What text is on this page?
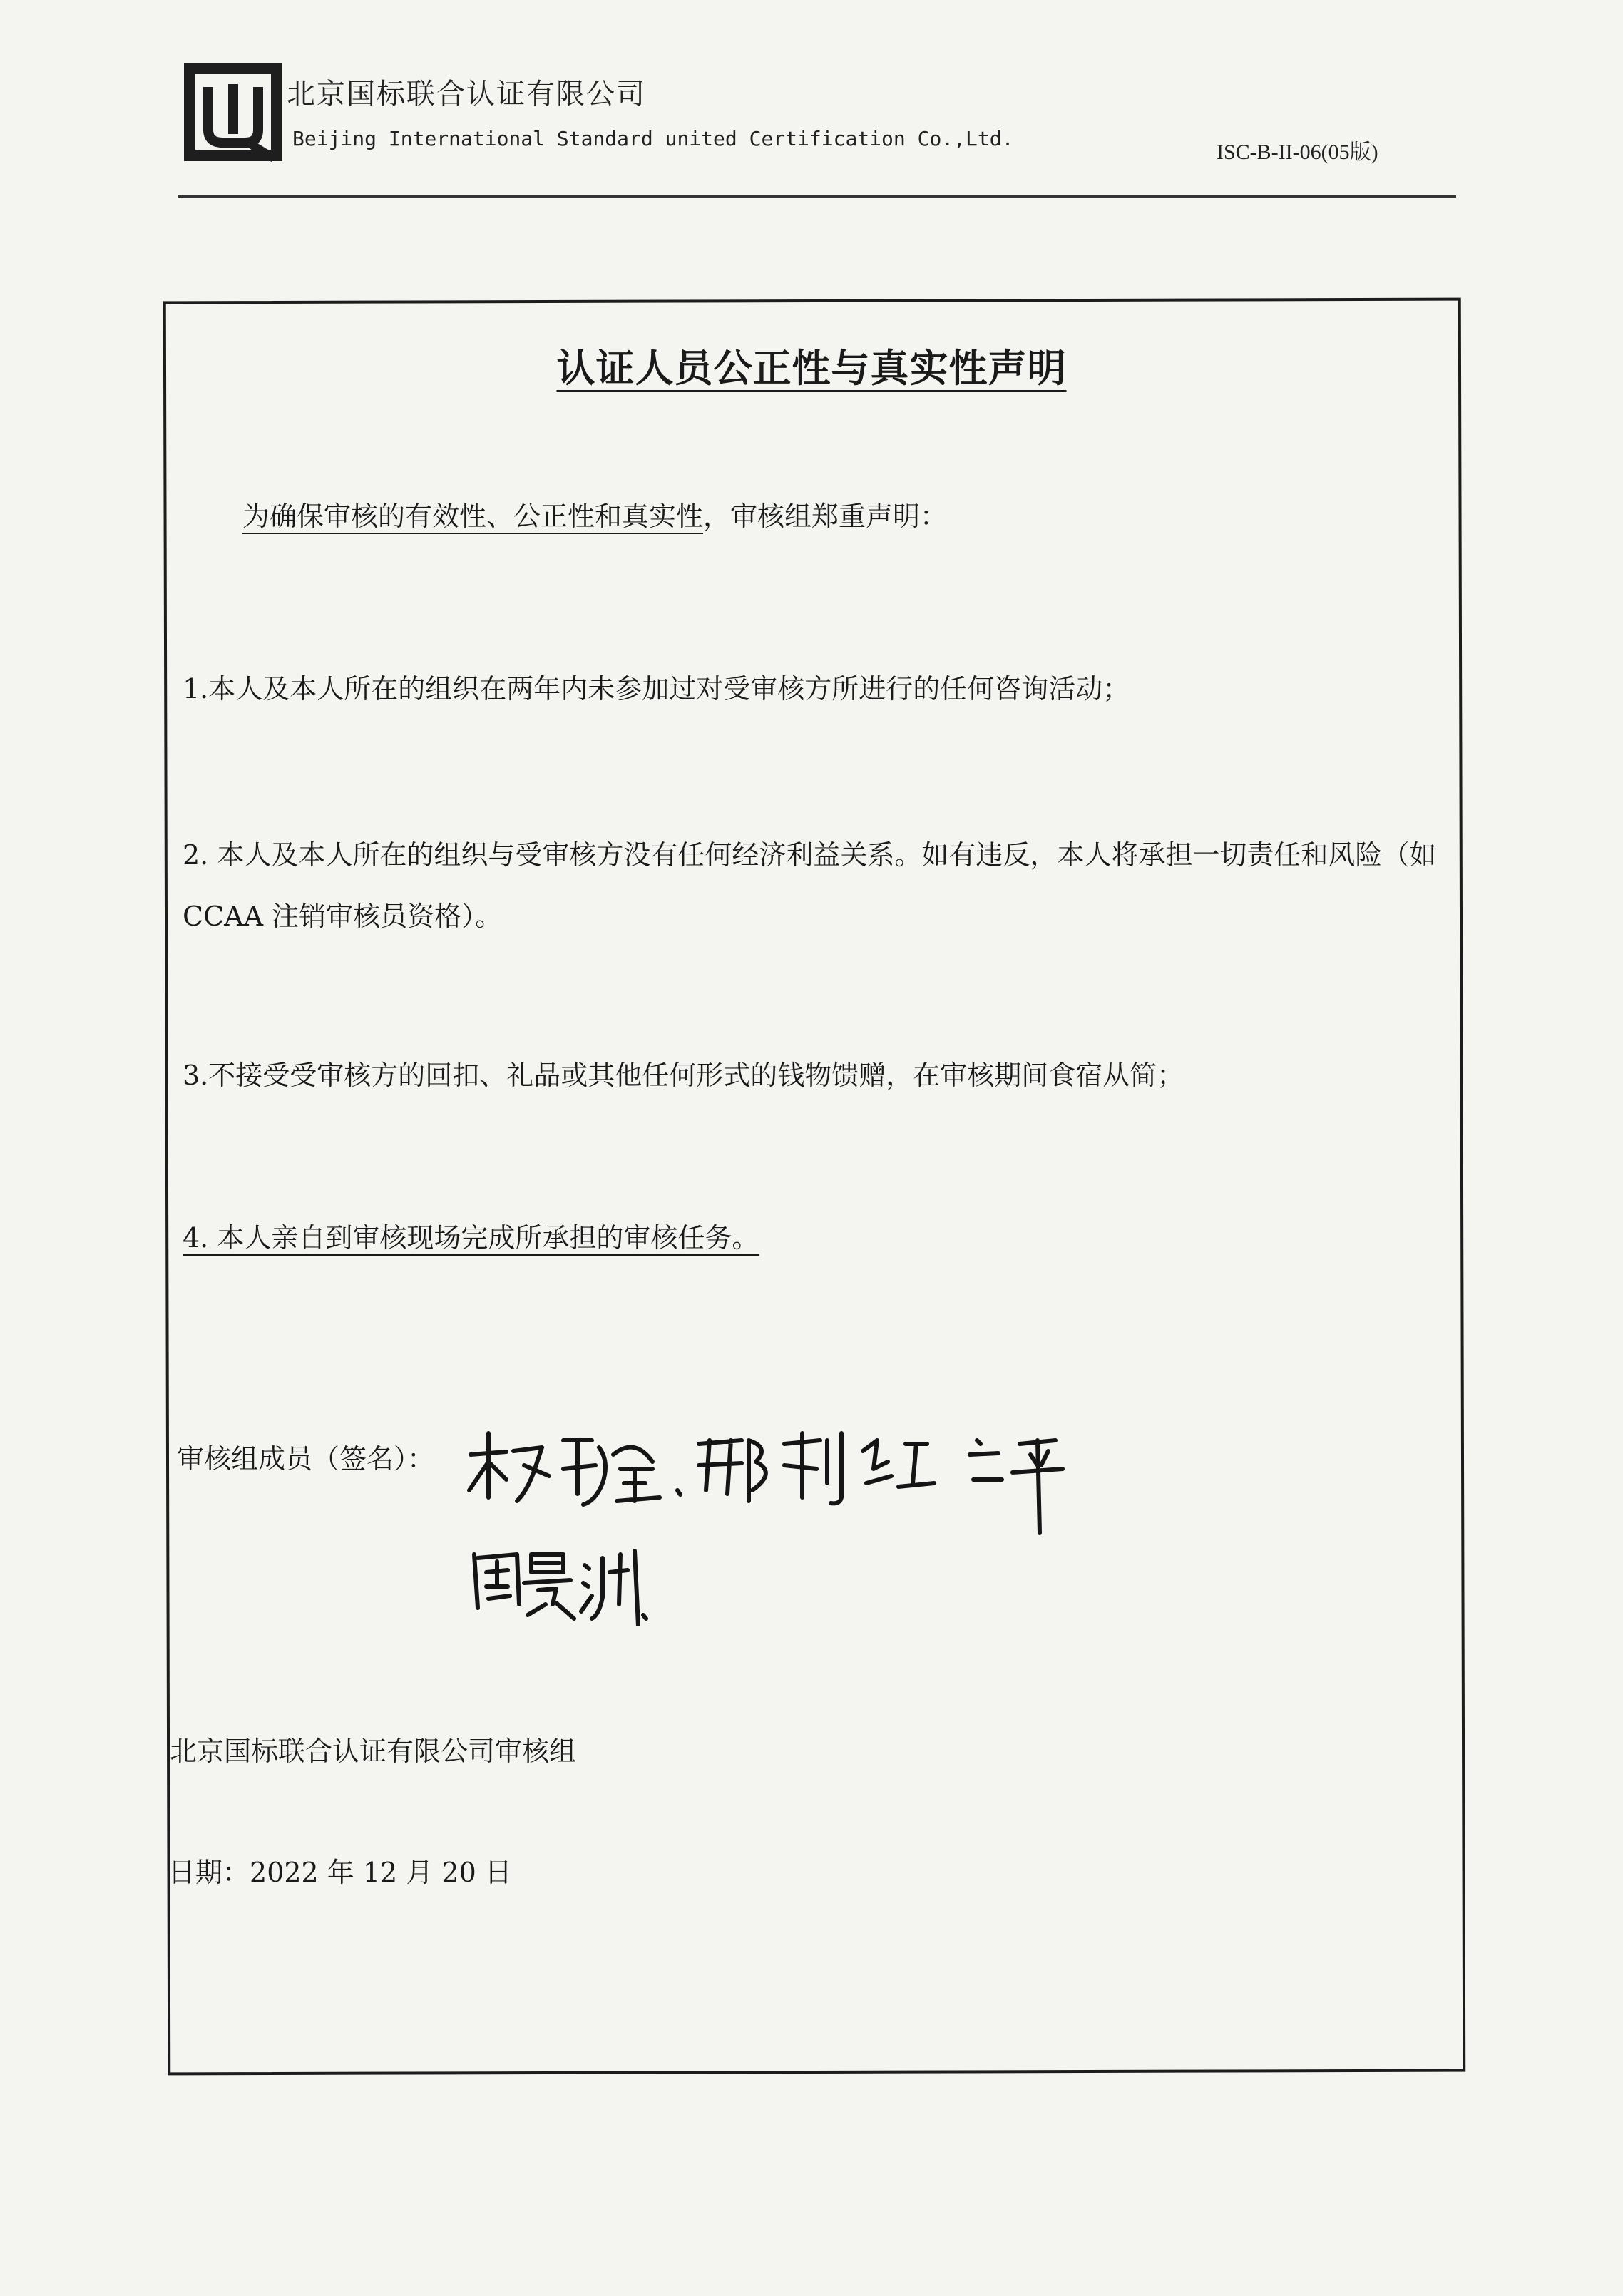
北京国标联合认证有限公司
Beijing International Standard united Certification Co.,Ltd.
ISC-B-II-06(05版)
认证人员公正性与真实性声明
为确保审核的有效性、公正性和真实性，审核组郑重声明：
1.本人及本人所在的组织在两年内未参加过对受审核方所进行的任何咨询活动；
2. 本人及本人所在的组织与受审核方没有任何经济利益关系。如有违反，本人将承担一切责任和风险（如 CCAA 注销审核员资格）。
3.不接受受审核方的回扣、礼品或其他任何形式的钱物馈赠，在审核期间食宿从简；
4. 本人亲自到审核现场完成所承担的审核任务。
审核组成员（签名）：
北京国标联合认证有限公司审核组
日期：2022 年 12 月 20 日
